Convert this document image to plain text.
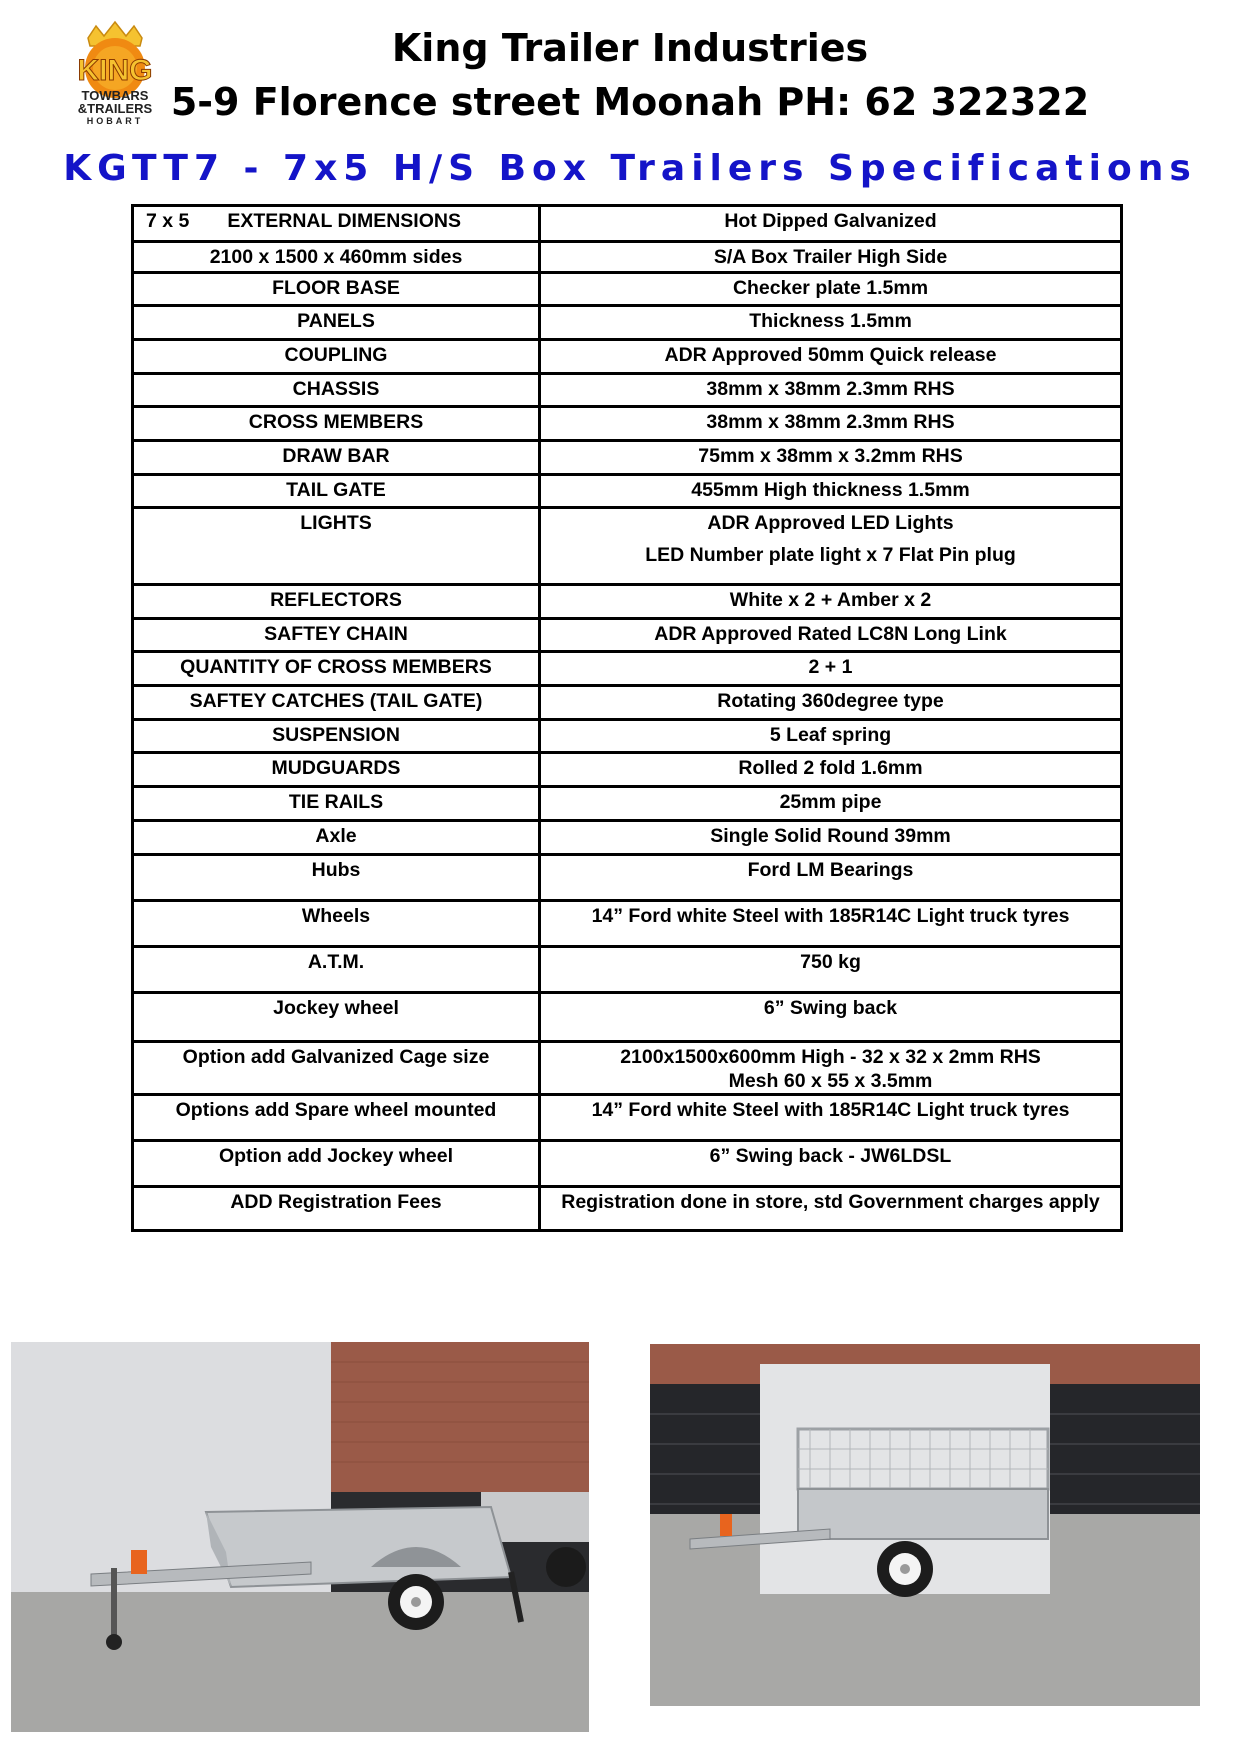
KING
TOWBARS
&TRAILERS
HOBART
King Trailer Industries
5-9 Florence street Moonah PH: 62 322322
KGTT7 - 7x5 H/S Box Trailers Specifications
7 x 5 EXTERNAL DIMENSIONS	Hot Dipped Galvanized
2100 x 1500 x 460mm sides	S/A Box Trailer High Side

FLOOR BASE	Checker plate 1.5mm

PANELS	Thickness 1.5mm

COUPLING	ADR Approved 50mm Quick release

CHASSIS	38mm x 38mm 2.3mm RHS

CROSS MEMBERS	38mm x 38mm 2.3mm RHS

DRAW BAR	75mm x 38mm x 3.2mm RHS

TAIL GATE	455mm High thickness 1.5mm

LIGHTS	ADR Approved LED Lights
LED Number plate light x 7 Flat Pin plug

REFLECTORS	White x 2 + Amber x 2

SAFTEY CHAIN	ADR Approved Rated LC8N Long Link

QUANTITY OF CROSS MEMBERS	2 + 1

SAFTEY CATCHES (TAIL GATE)	Rotating 360degree type

SUSPENSION	5 Leaf spring

MUDGUARDS	Rolled 2 fold 1.6mm

TIE RAILS	25mm pipe

Axle	Single Solid Round 39mm

Hubs	Ford LM Bearings

Wheels	14” Ford white Steel with 185R14C Light truck tyres

A.T.M.	750 kg

Jockey wheel	6” Swing back

Option add Galvanized Cage size	2100x1500x600mm High - 32 x 32 x 2mm RHS
Mesh 60 x 55 x 3.5mm

Options add Spare wheel mounted	14” Ford white Steel with 185R14C Light truck tyres

Option add Jockey wheel	6” Swing back - JW6LDSL

ADD Registration Fees	Registration done in store, std Government charges apply
